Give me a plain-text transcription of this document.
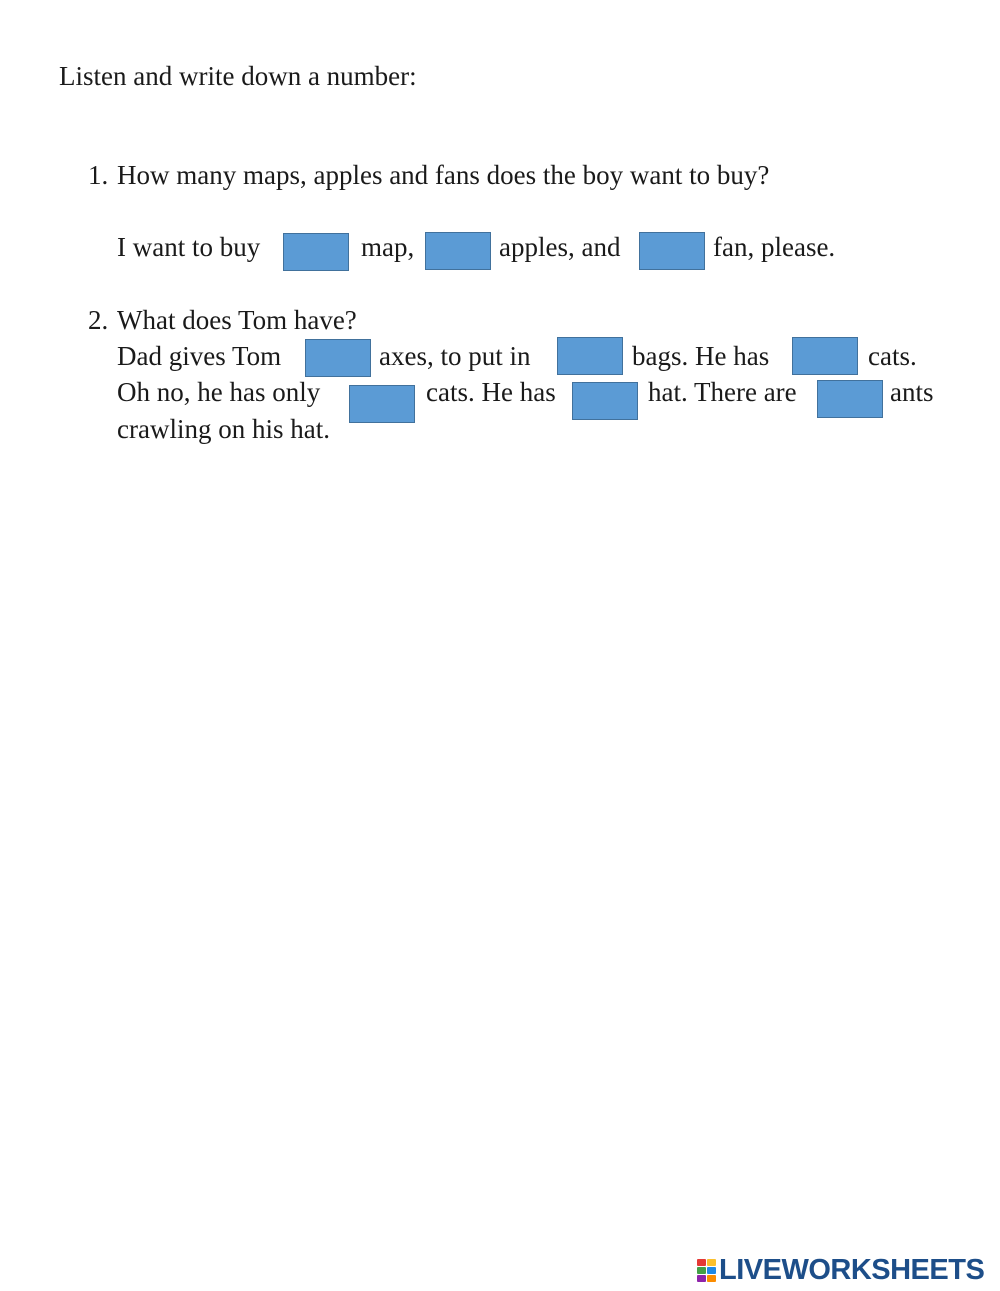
Listen and write down a number:
1. How many maps, apples and fans does the boy want to buy?
I want to buy	map,	apples, and	fan, please.
2. What does Tom have?
Dad gives Tom	axes, to put in	bags. He has	cats.
Oh no, he has only	cats. He has	hat. There are	ants
crawling on his hat.
LIVEWORKSHEETS
